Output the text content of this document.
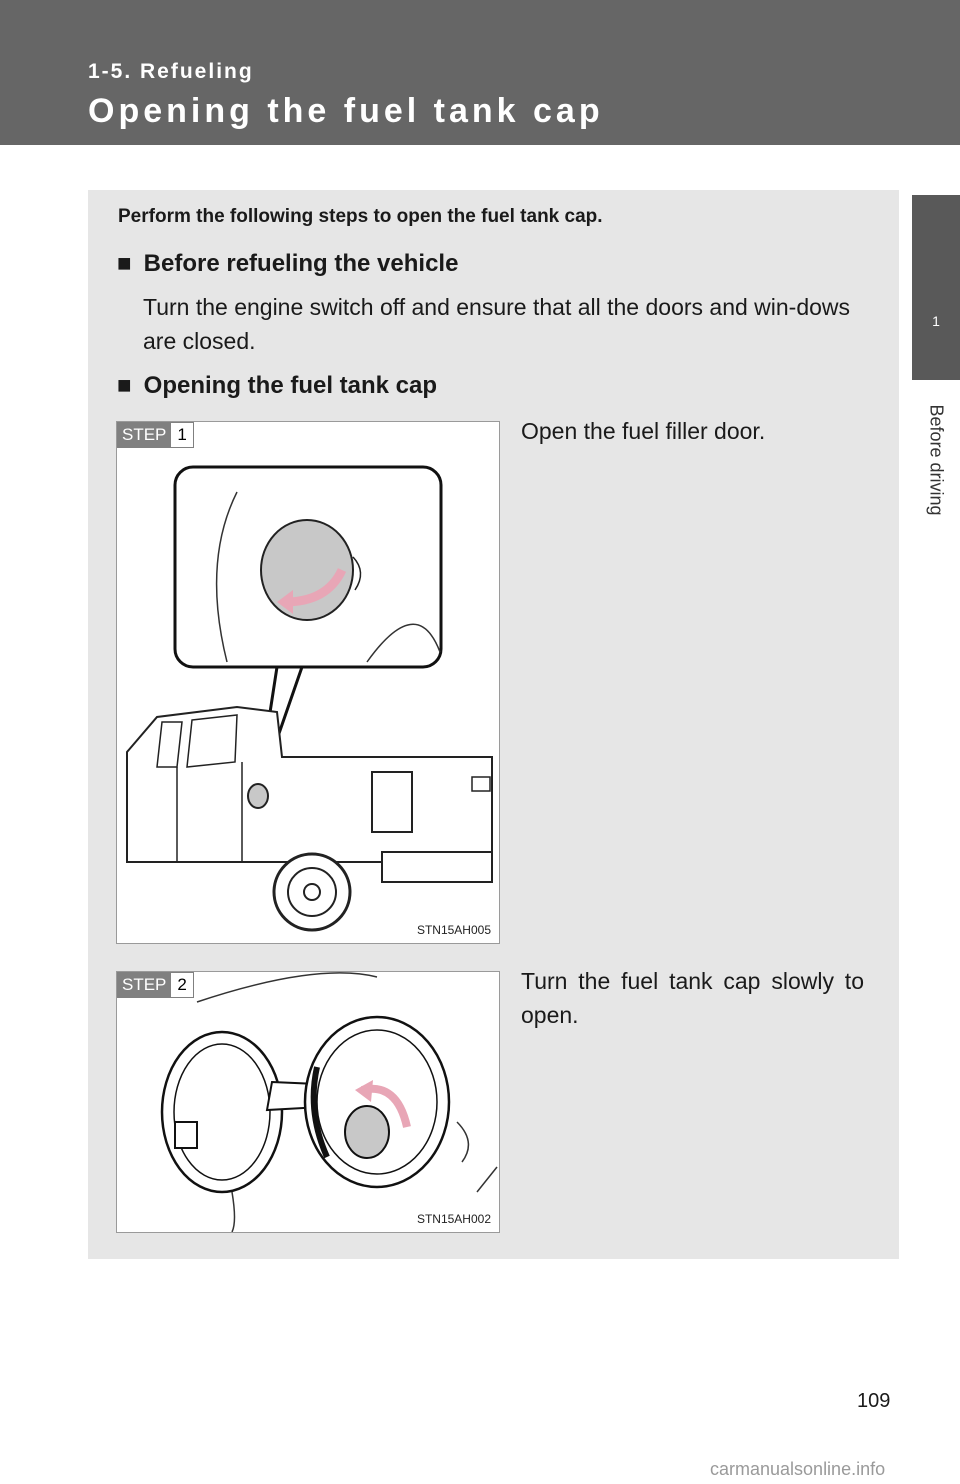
1-5. Refueling
Opening the fuel tank cap
1
Before driving
Perform the following steps to open the fuel tank cap.
■ Before refueling the vehicle
Turn the engine switch off and ensure that all the doors and win-dows are closed.
■ Opening the fuel tank cap
STEP 1
STN15AH005
Open the fuel filler door.
STEP 2
STN15AH002
Turn the fuel tank cap slowly to open.
109
carmanualsonline.info
